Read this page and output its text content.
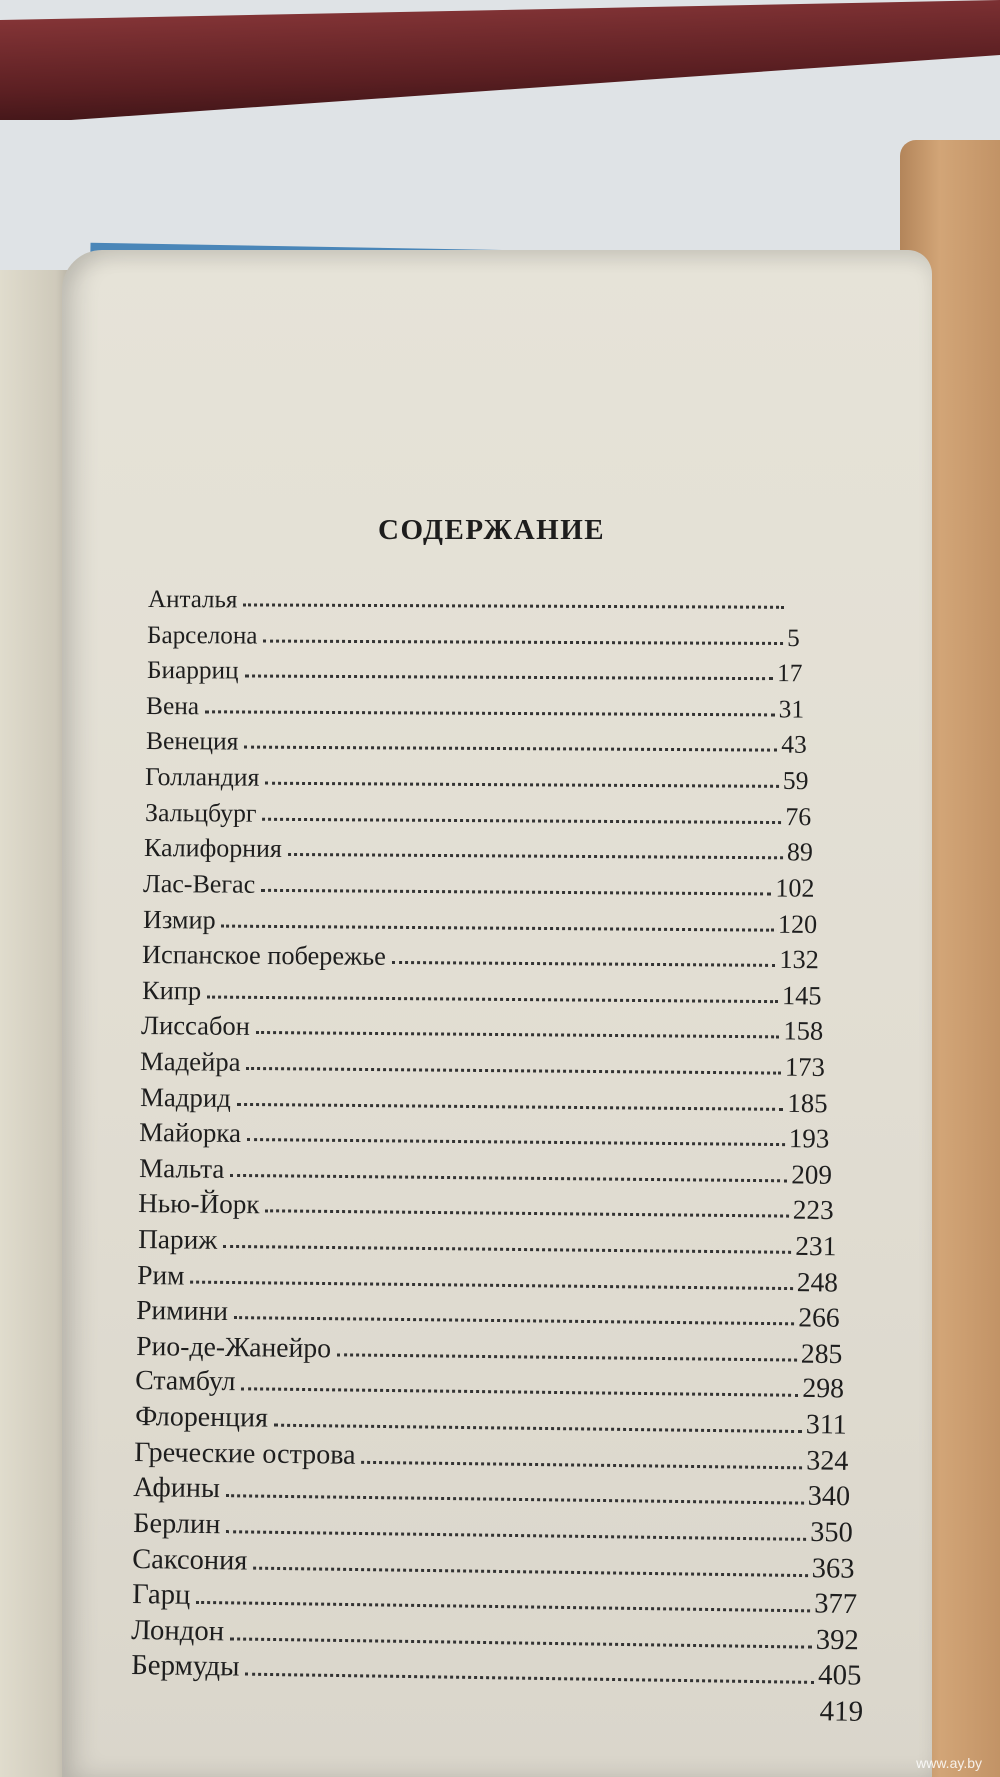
СОДЕРЖАНИЕ
Анталья
Барселона	5
Биарриц	17
Вена	31
Венеция	43
Голландия	59
Зальцбург	76
Калифорния	89
Лас-Вегас	102
Измир	120
Испанское побережье	132
Кипр	145
Лиссабон	158
Мадейра	173
Мадрид	185
Майорка	193
Мальта	209
Нью-Йорк	223
Париж	231
Рим	248
Римини	266
Рио-де-Жанейро	285
Стамбул	298
Флоренция	311
Греческие острова	324
Афины	340
Берлин	350
Саксония	363
Гарц	377
Лондон	392
Бермуды	405
419
www.ay.by
